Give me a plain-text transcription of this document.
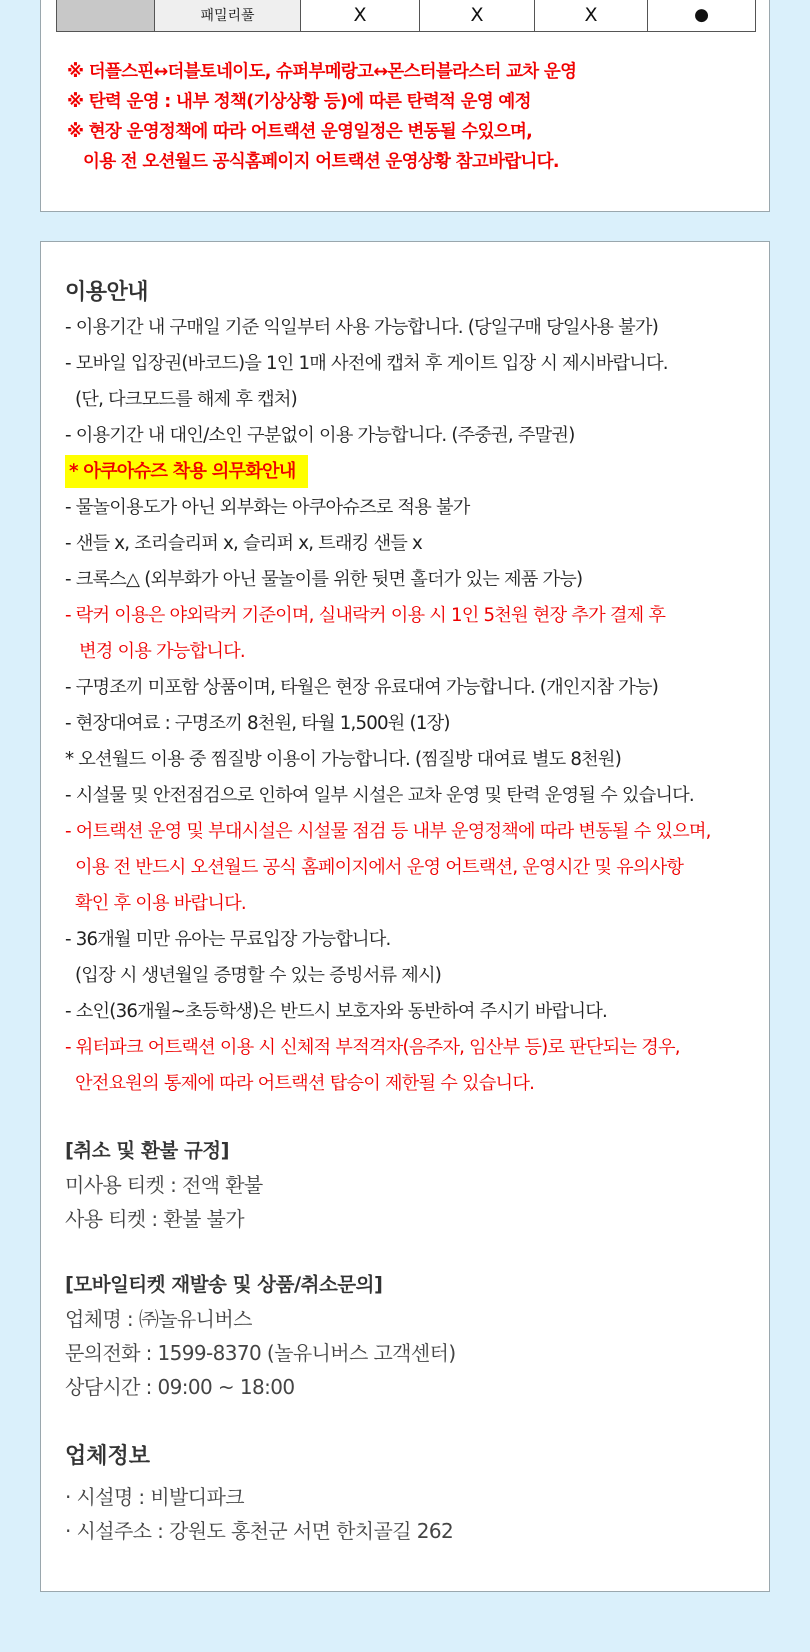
패밀리풀	X	X	X	●
※ 더플스핀↔더블토네이도, 슈퍼부메랑고↔몬스터블라스터 교차 운영
※ 탄력 운영 : 내부 정책(기상상황 등)에 따른 탄력적 운영 예정
※ 현장 운영정책에 따라 어트랙션 운영일정은 변동될 수있으며,
이용 전 오션월드 공식홈페이지 어트랙션 운영상황 참고바랍니다.
이용안내
- 이용기간 내 구매일 기준 익일부터 사용 가능합니다. (당일구매 당일사용 불가)
- 모바일 입장권(바코드)을 1인 1매 사전에 캡처 후 게이트 입장 시 제시바랍니다.
(단, 다크모드를 해제 후 캡처)
- 이용기간 내 대인/소인 구분없이 이용 가능합니다. (주중권, 주말권)
* 아쿠아슈즈 착용 의무화안내
- 물놀이용도가 아닌 외부화는 아쿠아슈즈로 적용 불가
- 샌들 x, 조리슬리퍼 x, 슬리퍼 x, 트래킹 샌들 x
- 크록스△ (외부화가 아닌 물놀이를 위한 뒷면 홀더가 있는 제품 가능)
- 락커 이용은 야외락커 기준이며, 실내락커 이용 시 1인 5천원 현장 추가 결제 후
변경 이용 가능합니다.
- 구명조끼 미포함 상품이며, 타월은 현장 유료대여 가능합니다. (개인지참 가능)
- 현장대여료 : 구명조끼 8천원, 타월 1,500원 (1장)
* 오션월드 이용 중 찜질방 이용이 가능합니다. (찜질방 대여료 별도 8천원)
- 시설물 및 안전점검으로 인하여 일부 시설은 교차 운영 및 탄력 운영될 수 있습니다.
- 어트랙션 운영 및 부대시설은 시설물 점검 등 내부 운영정책에 따라 변동될 수 있으며,
이용 전 반드시 오션월드 공식 홈페이지에서 운영 어트랙션, 운영시간 및 유의사항
확인 후 이용 바랍니다.
- 36개월 미만 유아는 무료입장 가능합니다.
(입장 시 생년월일 증명할 수 있는 증빙서류 제시)
- 소인(36개월~초등학생)은 반드시 보호자와 동반하여 주시기 바랍니다.
- 워터파크 어트랙션 이용 시 신체적 부적격자(음주자, 임산부 등)로 판단되는 경우,
안전요원의 통제에 따라 어트랙션 탑승이 제한될 수 있습니다.
[취소 및 환불 규정]
미사용 티켓 : 전액 환불
사용 티켓 : 환불 불가
[모바일티켓 재발송 및 상품/취소문의]
업체명 : ㈜놀유니버스
문의전화 : 1599-8370 (놀유니버스 고객센터)
상담시간 : 09:00 ~ 18:00
업체정보
· 시설명 : 비발디파크
· 시설주소 : 강원도 홍천군 서면 한치골길 262
